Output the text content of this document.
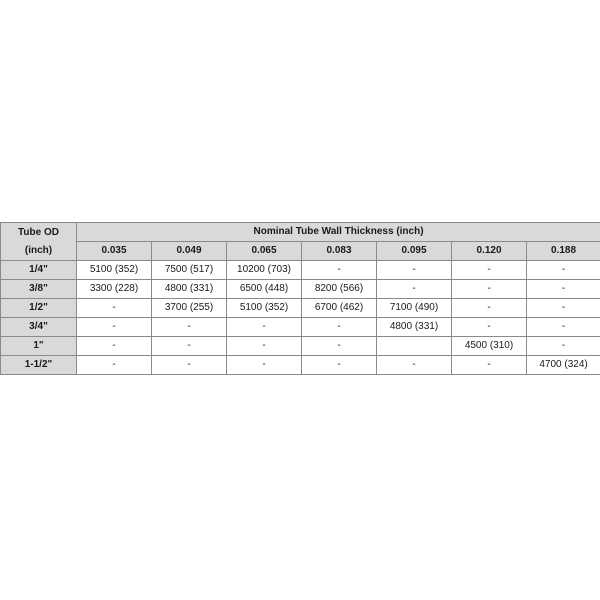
Tube OD
(inch)	Nominal Tube Wall Thickness (inch)						
	0.035	0.049	0.065	0.083	0.095	0.120	0.188
1/4"	5100 (352)	7500 (517)	10200 (703)	-	-	-	-
3/8"	3300 (228)	4800 (331)	6500 (448)	8200 (566)	-	-	-
1/2"	-	3700 (255)	5100 (352)	6700 (462)	7100 (490)	-	-
3/4"	-	-	-	-	4800 (331)	-	-
1"	-	-	-	-		4500 (310)	-
1-1/2"	-	-	-	-	-	-	4700 (324)
